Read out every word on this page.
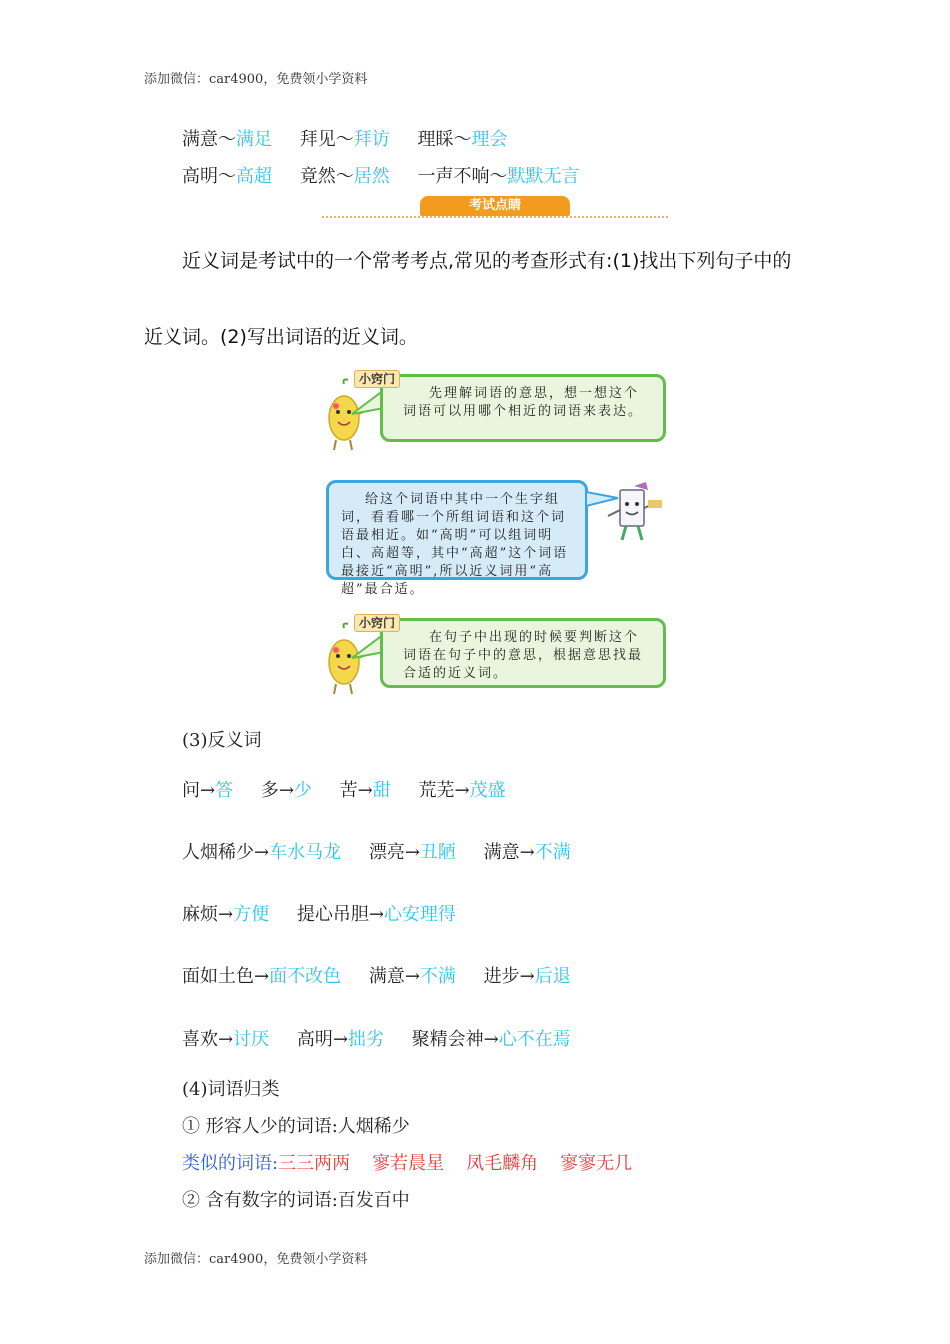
添加微信：car4900，免费领小学资料
满意～满足 拜见～拜访 理睬～理会
高明～高超 竟然～居然 一声不响～默默无言
考试点睛
近义词是考试中的一个常考考点,常见的考查形式有:(1)找出下列句子中的
近义词。(2)写出词语的近义词。
先理解词语的意思，想一想这个词语可以用哪个相近的词语来表达。
小窍门
给这个词语中其中一个生字组词，看看哪一个所组词语和这个词语最相近。如“高明”可以组词明白、高超等，其中“高超”这个词语最接近“高明”,所以近义词用“高超”最合适。
在句子中出现的时候要判断这个词语在句子中的意思，根据意思找最合适的近义词。
小窍门
(3)反义词
问→答 多→少 苦→甜 荒芜→茂盛
人烟稀少→车水马龙 漂亮→丑陋 满意→不满
麻烦→方便 提心吊胆→心安理得
面如土色→面不改色 满意→不满 进步→后退
喜欢→讨厌 高明→拙劣 聚精会神→心不在焉
(4)词语归类
① 形容人少的词语:人烟稀少
类似的词语:三三两两 寥若晨星 凤毛麟角 寥寥无几
② 含有数字的词语:百发百中
添加微信：car4900，免费领小学资料
